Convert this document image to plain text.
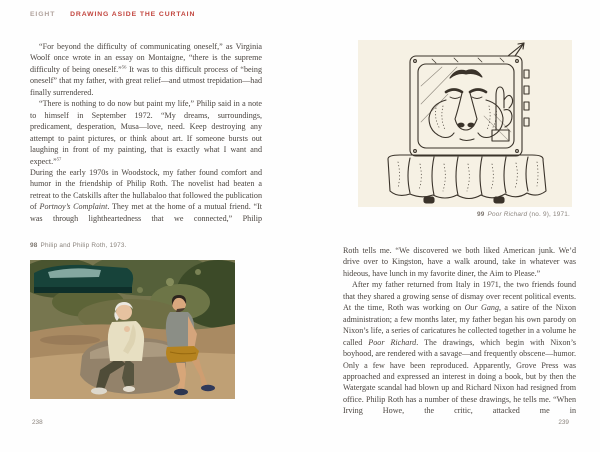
EIGHT DRAWING ASIDE THE CURTAIN

“For beyond the difficulty of communicating oneself,” as Virginia Woolf once wrote in an essay on Montaigne, “there is the supreme difficulty of being oneself.”$^{56}$ It was to this difficult process of “being oneself” that my father, with great relief—and utmost trepidation—had finally surrendered.

“There is nothing to do now but paint my life,” Philip said in a note to himself in September 1972. “My dreams, surroundings, predicament, desperation, Musa—love, need. Keep destroying any attempt to paint pictures, or think about art. If someone bursts out laughing in front of my painting, that is exactly what I want and expect.”$^{57}$

During the early 1970s in Woodstock, my father found comfort and humor in the friendship of Philip Roth. The novelist had beaten a retreat to the Catskills after the hullabaloo that followed the publication of Portnoy’s Complaint. They met at the home of a mutual friend. “It was through lightheartedness that we connected,” Philip

98 Philip and Philip Roth, 1973.
99 Poor Richard (no. 9), 1971.

Roth tells me. “We discovered we both liked American junk. We’d drive over to Kingston, have a walk around, take in whatever was hideous, have lunch in my favorite diner, the Aim to Please.”

After my father returned from Italy in 1971, the two friends found that they shared a growing sense of dismay over recent political events. At the time, Roth was working on Our Gang, a satire of the Nixon administration; a few months later, my father began his own parody on Nixon’s life, a series of caricatures he collected together in a volume he called Poor Richard. The drawings, which begin with Nixon’s boyhood, are rendered with a savage—and frequently obscene—humor. Only a few have been reproduced. Apparently, Grove Press was approached and expressed an interest in doing a book, but by then the Watergate scandal had blown up and Richard Nixon had resigned from office. Philip Roth has a number of these drawings, he tells me. “When Irving Howe, the critic, attacked me in

238	239
